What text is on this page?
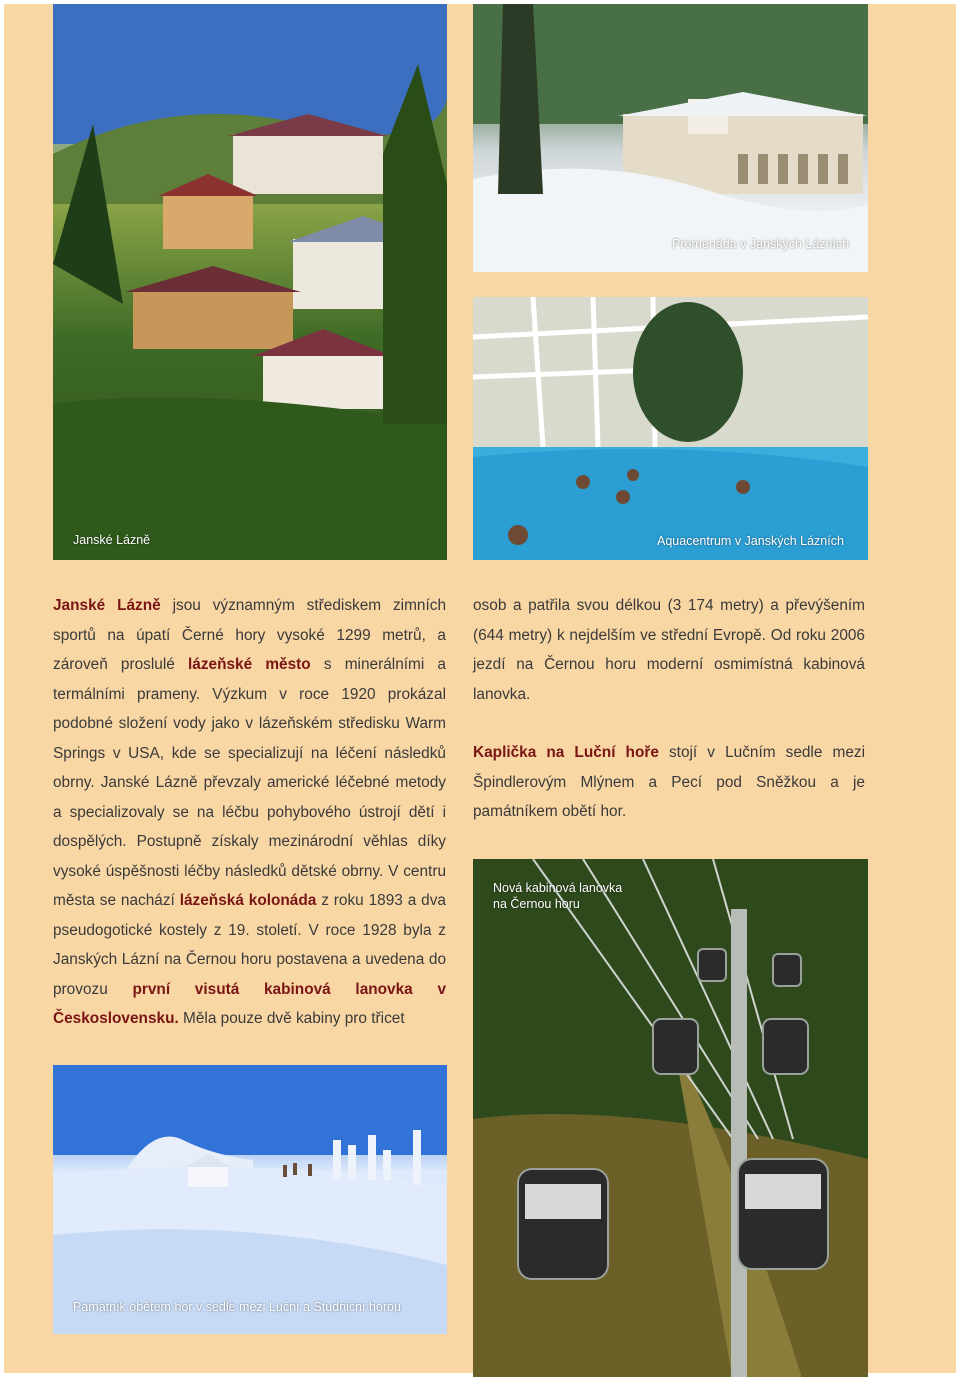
Janské Lázně
Promenáda v Janských Lázních
Aquacentrum v Janských Lázních
Památník obětem hor v sedle mezi Luční a Studniční horou
Nová kabinová lanovka
na Černou horu

Janské Lázně jsou významným střediskem zimních sportů na úpatí Černé hory vysoké 1299 metrů, a zároveň proslulé lázeňské město s minerálními a termálními prameny. Výzkum v roce 1920 prokázal podobné složení vody jako v lázeňském středisku Warm Springs v USA, kde se specializují na léčení následků obrny. Janské Lázně převzaly americké léčebné metody a specializovaly se na léčbu pohybového ústrojí dětí i dospělých. Postupně získaly mezinárodní věhlas díky vysoké úspěšnosti léčby následků dětské obrny. V centru města se nachází lázeňská kolonáda z roku 1893 a dva pseudogotické kostely z 19. století. V roce 1928 byla z Janských Lázní na Černou horu postavena a uvedena do provozu první visutá kabinová lanovka v Československu. Měla pouze dvě kabiny pro třicet

osob a patřila svou délkou (3 174 metry) a převýšením (644 metry) k nejdelším ve střední Evropě. Od roku 2006 jezdí na Černou horu moderní osmimístná kabinová lanovka.

Kaplička na Luční hoře stojí v Lučním sedle mezi Špindlerovým Mlýnem a Pecí pod Sněžkou a je památníkem obětí hor.
